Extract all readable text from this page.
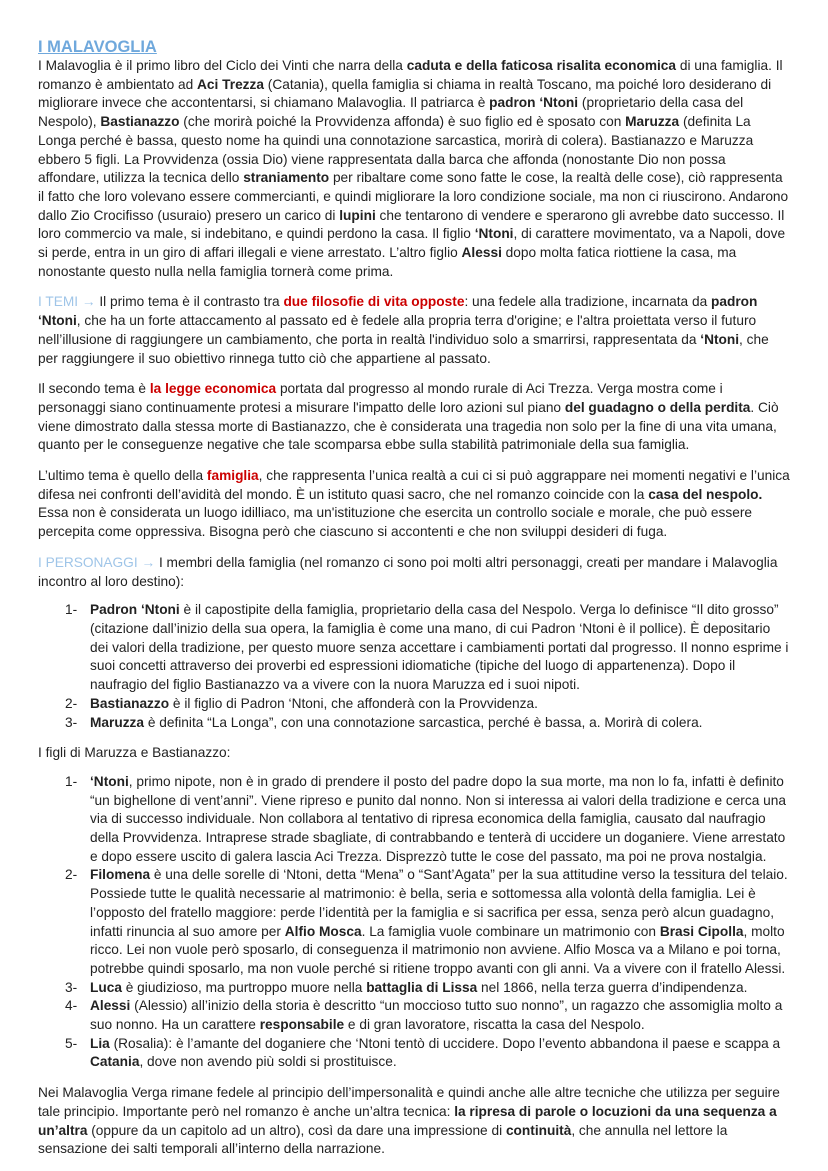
I MALAVOGLIA

I Malavoglia è il primo libro del Ciclo dei Vinti che narra della caduta e della faticosa risalita economica di una famiglia. Il romanzo è ambientato ad Aci Trezza (Catania), quella famiglia si chiama in realtà Toscano, ma poiché loro desiderano di migliorare invece che accontentarsi, si chiamano Malavoglia. Il patriarca è padron ‘Ntoni (proprietario della casa del Nespolo), Bastianazzo (che morirà poiché la Provvidenza affonda) è suo figlio ed è sposato con Maruzza (definita La Longa perché è bassa, questo nome ha quindi una connotazione sarcastica, morirà di colera). Bastianazzo e Maruzza ebbero 5 figli. La Provvidenza (ossia Dio) viene rappresentata dalla barca che affonda (nonostante Dio non possa affondare, utilizza la tecnica dello straniamento per ribaltare come sono fatte le cose, la realtà delle cose), ciò rappresenta il fatto che loro volevano essere commercianti, e quindi migliorare la loro condizione sociale, ma non ci riuscirono. Andarono dallo Zio Crocifisso (usuraio) presero un carico di lupini che tentarono di vendere e sperarono gli avrebbe dato successo. Il loro commercio va male, si indebitano, e quindi perdono la casa. Il figlio ‘Ntoni, di carattere movimentato, va a Napoli, dove si perde, entra in un giro di affari illegali e viene arrestato. L’altro figlio Alessi dopo molta fatica riottiene la casa, ma nonostante questo nulla nella famiglia tornerà come prima.

I TEMI → Il primo tema è il contrasto tra due filosofie di vita opposte: una fedele alla tradizione, incarnata da padron ‘Ntoni, che ha un forte attaccamento al passato ed è fedele alla propria terra d'origine; e l'altra proiettata verso il futuro nell’illusione di raggiungere un cambiamento, che porta in realtà l'individuo solo a smarrirsi, rappresentata da ‘Ntoni, che per raggiungere il suo obiettivo rinnega tutto ciò che appartiene al passato.

Il secondo tema è la legge economica portata dal progresso al mondo rurale di Aci Trezza. Verga mostra come i personaggi siano continuamente protesi a misurare l'impatto delle loro azioni sul piano del guadagno o della perdita. Ciò viene dimostrato dalla stessa morte di Bastianazzo, che è considerata una tragedia non solo per la fine di una vita umana, quanto per le conseguenze negative che tale scomparsa ebbe sulla stabilità patrimoniale della sua famiglia.

L’ultimo tema è quello della famiglia, che rappresenta l’unica realtà a cui ci si può aggrappare nei momenti negativi e l’unica difesa nei confronti dell’avidità del mondo. È un istituto quasi sacro, che nel romanzo coincide con la casa del nespolo. Essa non è considerata un luogo idilliaco, ma un'istituzione che esercita un controllo sociale e morale, che può essere percepita come oppressiva. Bisogna però che ciascuno si accontenti e che non sviluppi desideri di fuga.

I PERSONAGGI → I membri della famiglia (nel romanzo ci sono poi molti altri personaggi, creati per mandare i Malavoglia incontro al loro destino):

1- Padron ‘Ntoni è il capostipite della famiglia, proprietario della casa del Nespolo. Verga lo definisce “Il dito grosso” (citazione dall’inizio della sua opera, la famiglia è come una mano, di cui Padron ‘Ntoni è il pollice). È depositario dei valori della tradizione, per questo muore senza accettare i cambiamenti portati dal progresso. Il nonno esprime i suoi concetti attraverso dei proverbi ed espressioni idiomatiche (tipiche del luogo di appartenenza). Dopo il naufragio del figlio Bastianazzo va a vivere con la nuora Maruzza ed i suoi nipoti.
2- Bastianazzo è il figlio di Padron ‘Ntoni, che affonderà con la Provvidenza.
3- Maruzza è definita “La Longa”, con una connotazione sarcastica, perché è bassa, a. Morirà di colera.

I figli di Maruzza e Bastianazzo:

1- ‘Ntoni, primo nipote, non è in grado di prendere il posto del padre dopo la sua morte, ma non lo fa, infatti è definito “un bighellone di vent’anni”. Viene ripreso e punito dal nonno. Non si interessa ai valori della tradizione e cerca una via di successo individuale. Non collabora al tentativo di ripresa economica della famiglia, causato dal naufragio della Provvidenza. Intraprese strade sbagliate, di contrabbando e tenterà di uccidere un doganiere. Viene arrestato e dopo essere uscito di galera lascia Aci Trezza. Disprezzò tutte le cose del passato, ma poi ne prova nostalgia.
2- Filomena è una delle sorelle di ‘Ntoni, detta “Mena” o “Sant’Agata” per la sua attitudine verso la tessitura del telaio. Possiede tutte le qualità necessarie al matrimonio: è bella, seria e sottomessa alla volontà della famiglia. Lei è l’opposto del fratello maggiore: perde l’identità per la famiglia e si sacrifica per essa, senza però alcun guadagno, infatti rinuncia al suo amore per Alfio Mosca. La famiglia vuole combinare un matrimonio con Brasi Cipolla, molto ricco. Lei non vuole però sposarlo, di conseguenza il matrimonio non avviene. Alfio Mosca va a Milano e poi torna, potrebbe quindi sposarlo, ma non vuole perché si ritiene troppo avanti con gli anni. Va a vivere con il fratello Alessi.
3- Luca è giudizioso, ma purtroppo muore nella battaglia di Lissa nel 1866, nella terza guerra d’indipendenza.
4- Alessi (Alessio) all’inizio della storia è descritto “un moccioso tutto suo nonno”, un ragazzo che assomiglia molto a suo nonno. Ha un carattere responsabile e di gran lavoratore, riscatta la casa del Nespolo.
5- Lia (Rosalia): è l’amante del doganiere che ‘Ntoni tentò di uccidere. Dopo l’evento abbandona il paese e scappa a Catania, dove non avendo più soldi si prostituisce.

Nei Malavoglia Verga rimane fedele al principio dell’impersonalità e quindi anche alle altre tecniche che utilizza per seguire tale principio. Importante però nel romanzo è anche un’altra tecnica: la ripresa di parole o locuzioni da una sequenza a un’altra (oppure da un capitolo ad un altro), così da dare una impressione di continuità, che annulla nel lettore la sensazione dei salti temporali all’interno della narrazione.
